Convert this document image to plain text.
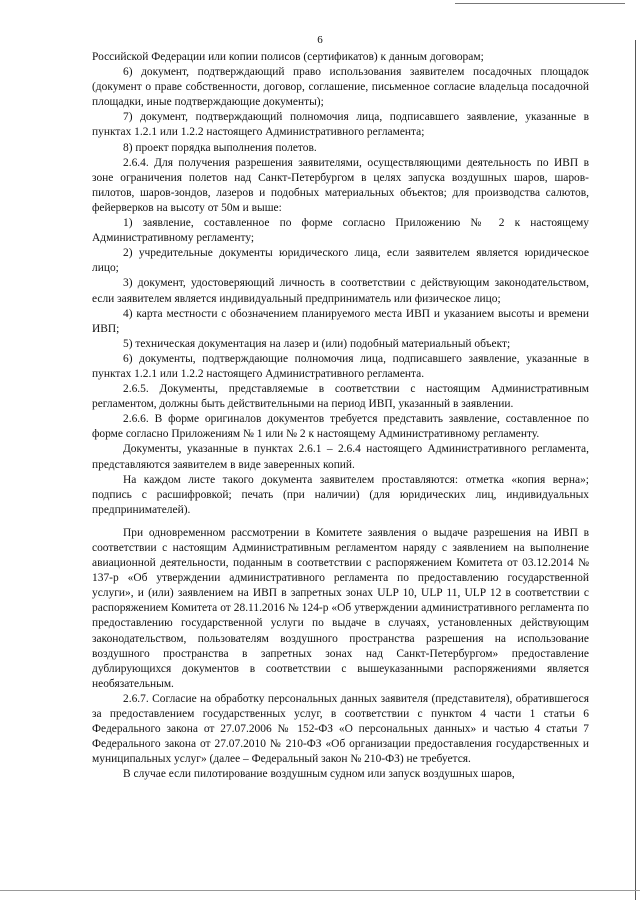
6

Российской Федерации или копии полисов (сертификатов) к данным договорам;

6) документ, подтверждающий право использования заявителем посадочных площадок (документ о праве собственности, договор, соглашение, письменное согласие владельца посадочной площадки, иные подтверждающие документы);

7) документ, подтверждающий полномочия лица, подписавшего заявление, указанные в пунктах 1.2.1 или 1.2.2 настоящего Административного регламента;

8) проект порядка выполнения полетов.

2.6.4. Для получения разрешения заявителями, осуществляющими деятельность по ИВП в зоне ограничения полетов над Санкт-Петербургом в целях запуска воздушных шаров, шаров-пилотов, шаров-зондов, лазеров и подобных материальных объектов; для производства салютов, фейерверков на высоту от 50м и выше:

1) заявление, составленное по форме согласно Приложению № 2 к настоящему Административному регламенту;

2) учредительные документы юридического лица, если заявителем является юридическое лицо;

3) документ, удостоверяющий личность в соответствии с действующим законодательством, если заявителем является индивидуальный предприниматель или физическое лицо;

4) карта местности с обозначением планируемого места ИВП и указанием высоты и времени ИВП;

5) техническая документация на лазер и (или) подобный материальный объект;

6) документы, подтверждающие полномочия лица, подписавшего заявление, указанные в пунктах 1.2.1 или 1.2.2 настоящего Административного регламента.

2.6.5. Документы, представляемые в соответствии с настоящим Административным регламентом, должны быть действительными на период ИВП, указанный в заявлении.

2.6.6. В форме оригиналов документов требуется представить заявление, составленное по форме согласно Приложениям № 1 или № 2 к настоящему Административному регламенту.

Документы, указанные в пунктах 2.6.1 – 2.6.4 настоящего Административного регламента, представляются заявителем в виде заверенных копий.

На каждом листе такого документа заявителем проставляются: отметка «копия верна»; подпись с расшифровкой; печать (при наличии) (для юридических лиц, индивидуальных предпринимателей).

При одновременном рассмотрении в Комитете заявления о выдаче разрешения на ИВП в соответствии с настоящим Административным регламентом наряду с заявлением на выполнение авиационной деятельности, поданным в соответствии с распоряжением Комитета от 03.12.2014 № 137-р «Об утверждении административного регламента по предоставлению государственной услуги», и (или) заявлением на ИВП в запретных зонах ULP 10, ULP 11, ULP 12 в соответствии с распоряжением Комитета от 28.11.2016 № 124-р «Об утверждении административного регламента по предоставлению государственной услуги по выдаче в случаях, установленных действующим законодательством, пользователям воздушного пространства разрешения на использование воздушного пространства в запретных зонах над Санкт-Петербургом» предоставление дублирующихся документов в соответствии с вышеуказанными распоряжениями является необязательным.

2.6.7. Согласие на обработку персональных данных заявителя (представителя), обратившегося за предоставлением государственных услуг, в соответствии с пунктом 4 части 1 статьи 6 Федерального закона от 27.07.2006 № 152-ФЗ «О персональных данных» и частью 4 статьи 7 Федерального закона от 27.07.2010 № 210-ФЗ «Об организации предоставления государственных и муниципальных услуг» (далее – Федеральный закон № 210-ФЗ) не требуется.

В случае если пилотирование воздушным судном или запуск воздушных шаров,
